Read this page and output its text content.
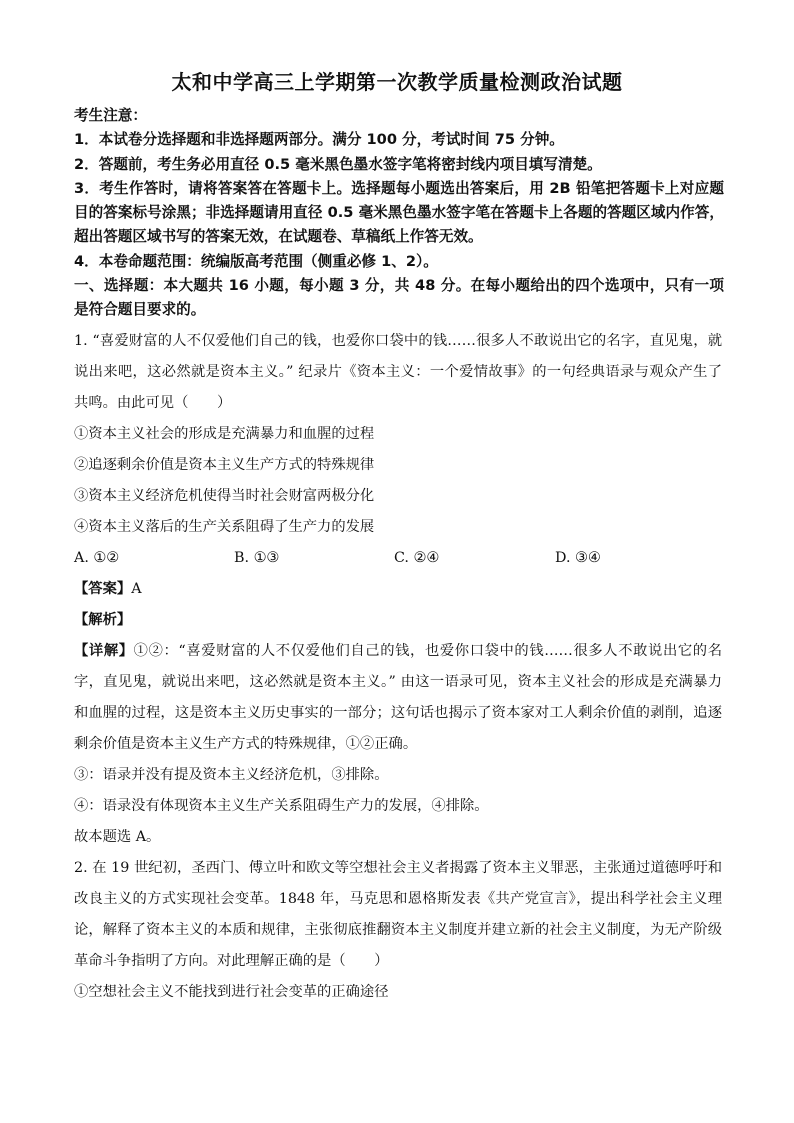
太和中学高三上学期第一次教学质量检测政治试题

考生注意：

1．本试卷分选择题和非选择题两部分。满分 100 分，考试时间 75 分钟。

2．答题前，考生务必用直径 0.5 毫米黑色墨水签字笔将密封线内项目填写清楚。

3．考生作答时，请将答案答在答题卡上。选择题每小题选出答案后，用 2B 铅笔把答题卡上对应题目的答案标号涂黑；非选择题请用直径 0.5 毫米黑色墨水签字笔在答题卡上各题的答题区域内作答，超出答题区域书写的答案无效，在试题卷、草稿纸上作答无效。

4．本卷命题范围：统编版高考范围（侧重必修 1、2）。

一、选择题：本大题共 16 小题，每小题 3 分，共 48 分。在每小题给出的四个选项中，只有一项是符合题目要求的。

1. “喜爱财富的人不仅爱他们自己的钱，也爱你口袋中的钱……很多人不敢说出它的名字，直见鬼，就说出来吧，这必然就是资本主义。” 纪录片《资本主义：一个爱情故事》的一句经典语录与观众产生了共鸣。由此可见（　　）

①资本主义社会的形成是充满暴力和血腥的过程

②追逐剩余价值是资本主义生产方式的特殊规律

③资本主义经济危机使得当时社会财富两极分化

④资本主义落后的生产关系阻碍了生产力的发展

A. ①②	B. ①③	C. ②④	D. ③④

【答案】A

【解析】

【详解】①②：“喜爱财富的人不仅爱他们自己的钱，也爱你口袋中的钱……很多人不敢说出它的名字，直见鬼，就说出来吧，这必然就是资本主义。” 由这一语录可见，资本主义社会的形成是充满暴力和血腥的过程，这是资本主义历史事实的一部分；这句话也揭示了资本家对工人剩余价值的剥削，追逐剩余价值是资本主义生产方式的特殊规律，①②正确。

③：语录并没有提及资本主义经济危机，③排除。

④：语录没有体现资本主义生产关系阻碍生产力的发展，④排除。

故本题选 A。

2. 在 19 世纪初，圣西门、傅立叶和欧文等空想社会主义者揭露了资本主义罪恶，主张通过道德呼吁和改良主义的方式实现社会变革。1848 年，马克思和恩格斯发表《共产党宣言》，提出科学社会主义理论，解释了资本主义的本质和规律，主张彻底推翻资本主义制度并建立新的社会主义制度，为无产阶级革命斗争指明了方向。对此理解正确的是（　　）

①空想社会主义不能找到进行社会变革的正确途径
